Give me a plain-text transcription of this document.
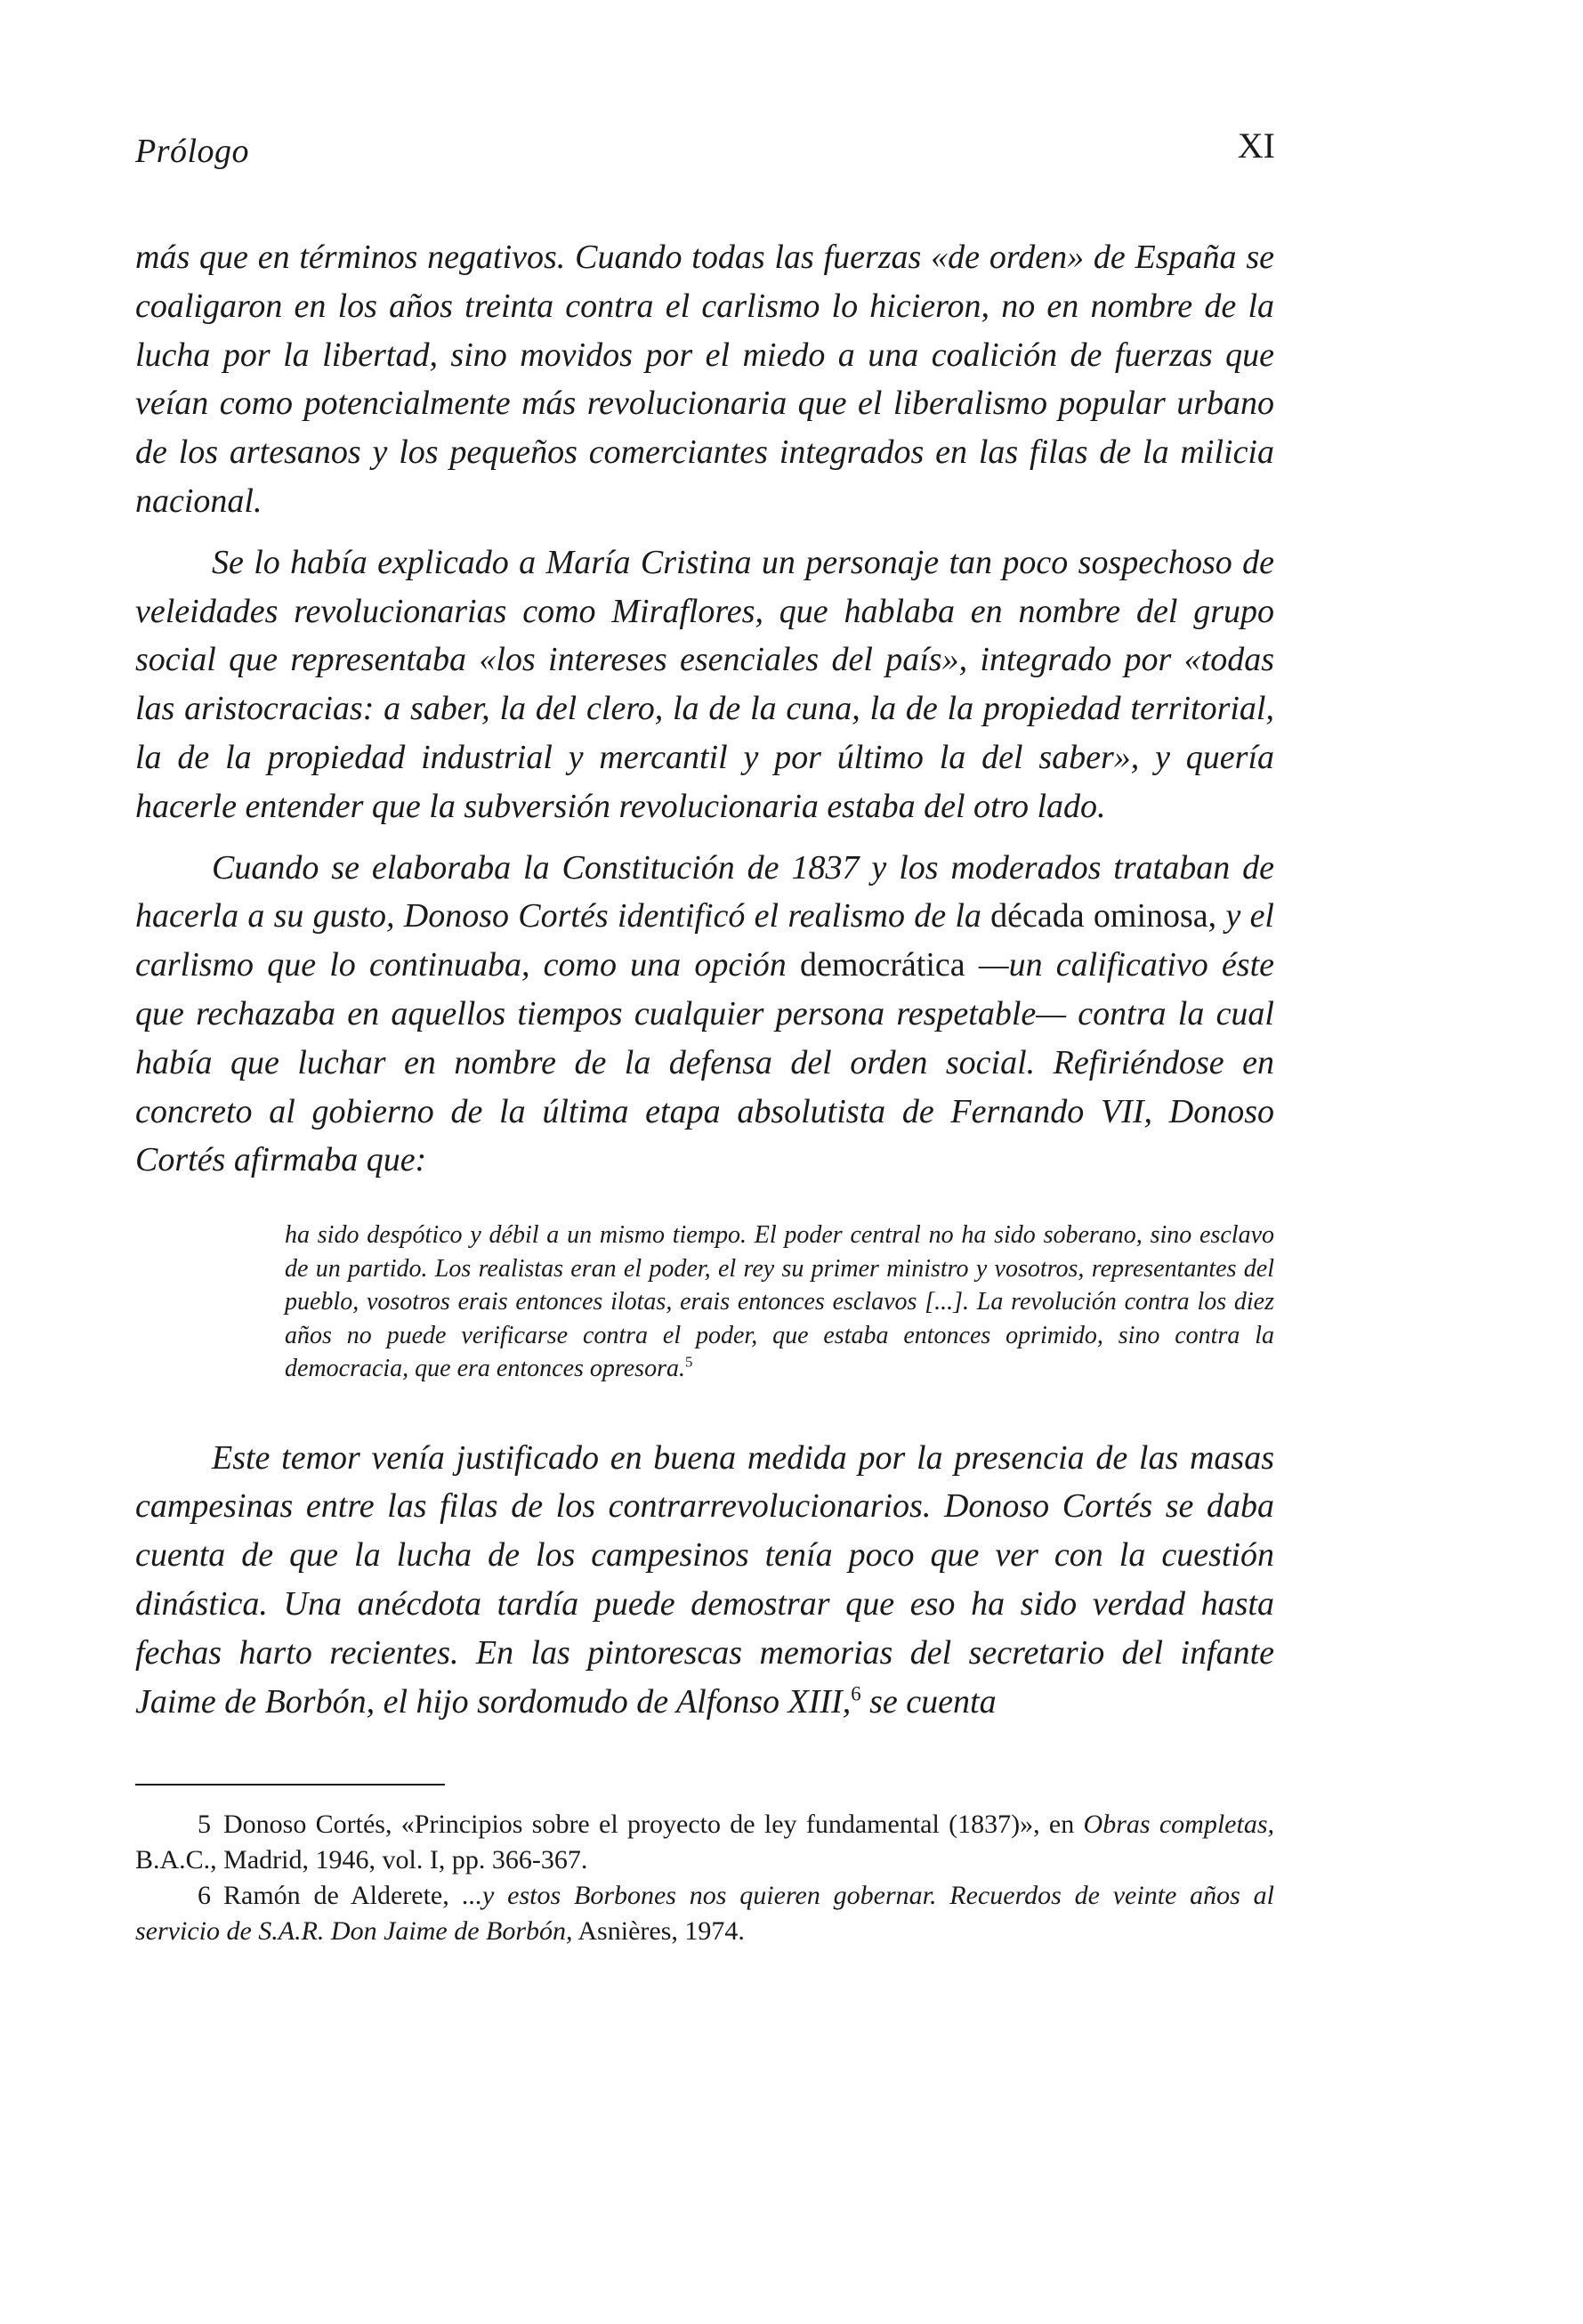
Prólogo	XI

más que en términos negativos. Cuando todas las fuerzas «de orden» de España se coaligaron en los años treinta contra el carlismo lo hicieron, no en nombre de la lucha por la libertad, sino movidos por el miedo a una coalición de fuerzas que veían como potencialmente más revolucionaria que el liberalismo popular urbano de los artesanos y los pequeños comerciantes integrados en las filas de la milicia nacional.

Se lo había explicado a María Cristina un personaje tan poco sospechoso de veleidades revolucionarias como Miraflores, que hablaba en nombre del grupo social que representaba «los intereses esenciales del país», integrado por «todas las aristocracias: a saber, la del clero, la de la cuna, la de la propiedad territorial, la de la propiedad industrial y mercantil y por último la del saber», y quería hacerle entender que la subversión revolucionaria estaba del otro lado.

Cuando se elaboraba la Constitución de 1837 y los moderados trataban de hacerla a su gusto, Donoso Cortés identificó el realismo de la década ominosa, y el carlismo que lo continuaba, como una opción democrática —un calificativo éste que rechazaba en aquellos tiempos cualquier persona respetable— contra la cual había que luchar en nombre de la defensa del orden social. Refiriéndose en concreto al gobierno de la última etapa absolutista de Fernando VII, Donoso Cortés afirmaba que:

ha sido despótico y débil a un mismo tiempo. El poder central no ha sido soberano, sino esclavo de un partido. Los realistas eran el poder, el rey su primer ministro y vosotros, representantes del pueblo, vosotros erais entonces ilotas, erais entonces esclavos [...]. La revolución contra los diez años no puede verificarse contra el poder, que estaba entonces oprimido, sino contra la democracia, que era entonces opresora.$^5$

Este temor venía justificado en buena medida por la presencia de las masas campesinas entre las filas de los contrarrevolucionarios. Donoso Cortés se daba cuenta de que la lucha de los campesinos tenía poco que ver con la cuestión dinástica. Una anécdota tardía puede demostrar que eso ha sido verdad hasta fechas harto recientes. En las pintorescas memorias del secretario del infante Jaime de Borbón, el hijo sordomudo de Alfonso XIII,$^6$ se cuenta

5 Donoso Cortés, «Principios sobre el proyecto de ley fundamental (1837)», en Obras completas, B.A.C., Madrid, 1946, vol. I, pp. 366-367.

6 Ramón de Alderete, ...y estos Borbones nos quieren gobernar. Recuerdos de veinte años al servicio de S.A.R. Don Jaime de Borbón, Asnières, 1974.
